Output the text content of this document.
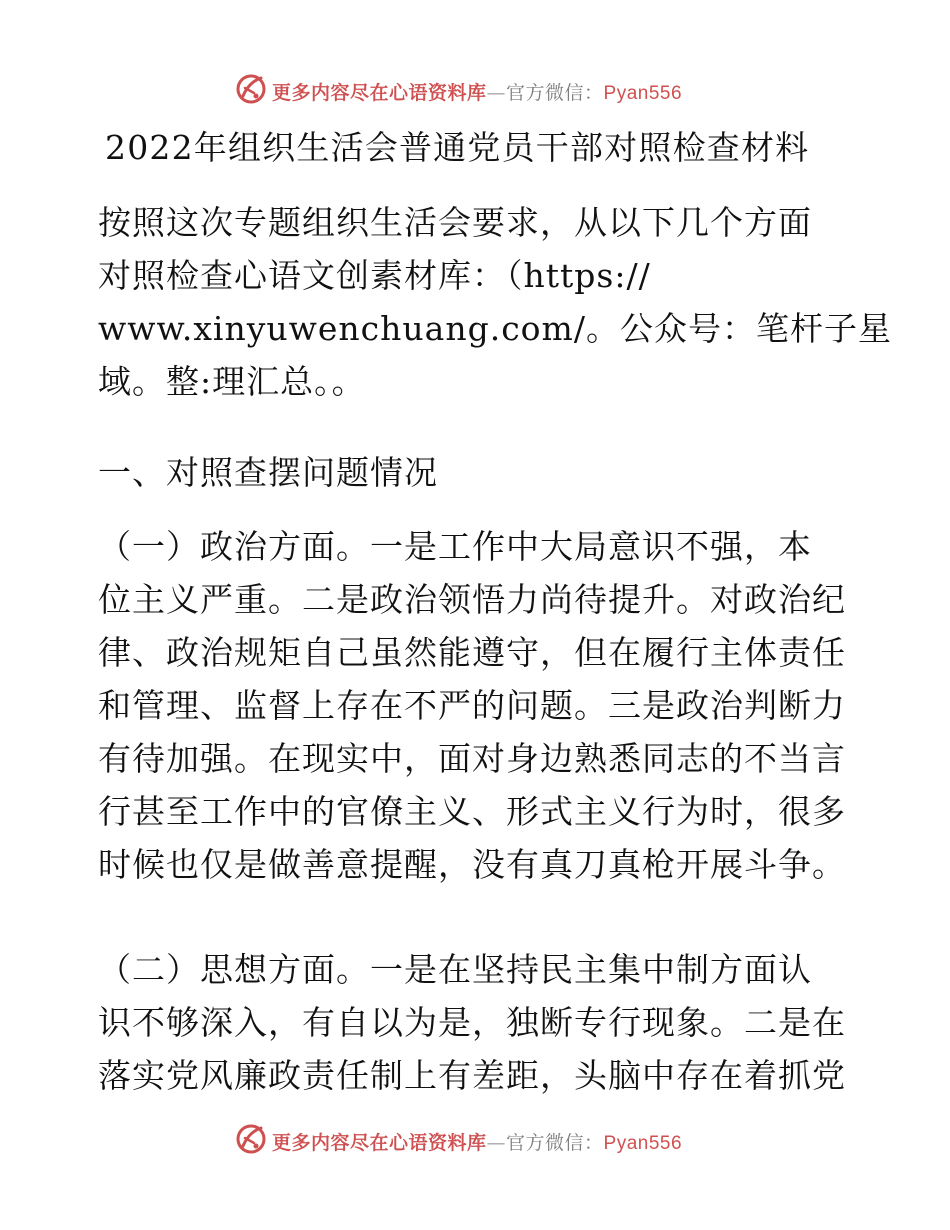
更多内容尽在心语资料库—官方微信：Pyan556
2022年组织生活会普通党员干部对照检查材料

按照这次专题组织生活会要求，从以下几个方面
对照检查心语文创素材库：（https://
www.xinyuwenchuang.com/。公众号：笔杆子星
域。整:理汇总。。

一、对照查摆问题情况

（一）政治方面。一是工作中大局意识不强，本
位主义严重。二是政治领悟力尚待提升。对政治纪
律、政治规矩自己虽然能遵守，但在履行主体责任
和管理、监督上存在不严的问题。三是政治判断力
有待加强。在现实中，面对身边熟悉同志的不当言
行甚至工作中的官僚主义、形式主义行为时，很多
时候也仅是做善意提醒，没有真刀真枪开展斗争。

（二）思想方面。一是在坚持民主集中制方面认
识不够深入，有自以为是，独断专行现象。二是在
落实党风廉政责任制上有差距，头脑中存在着抓党

更多内容尽在心语资料库—官方微信：Pyan556
